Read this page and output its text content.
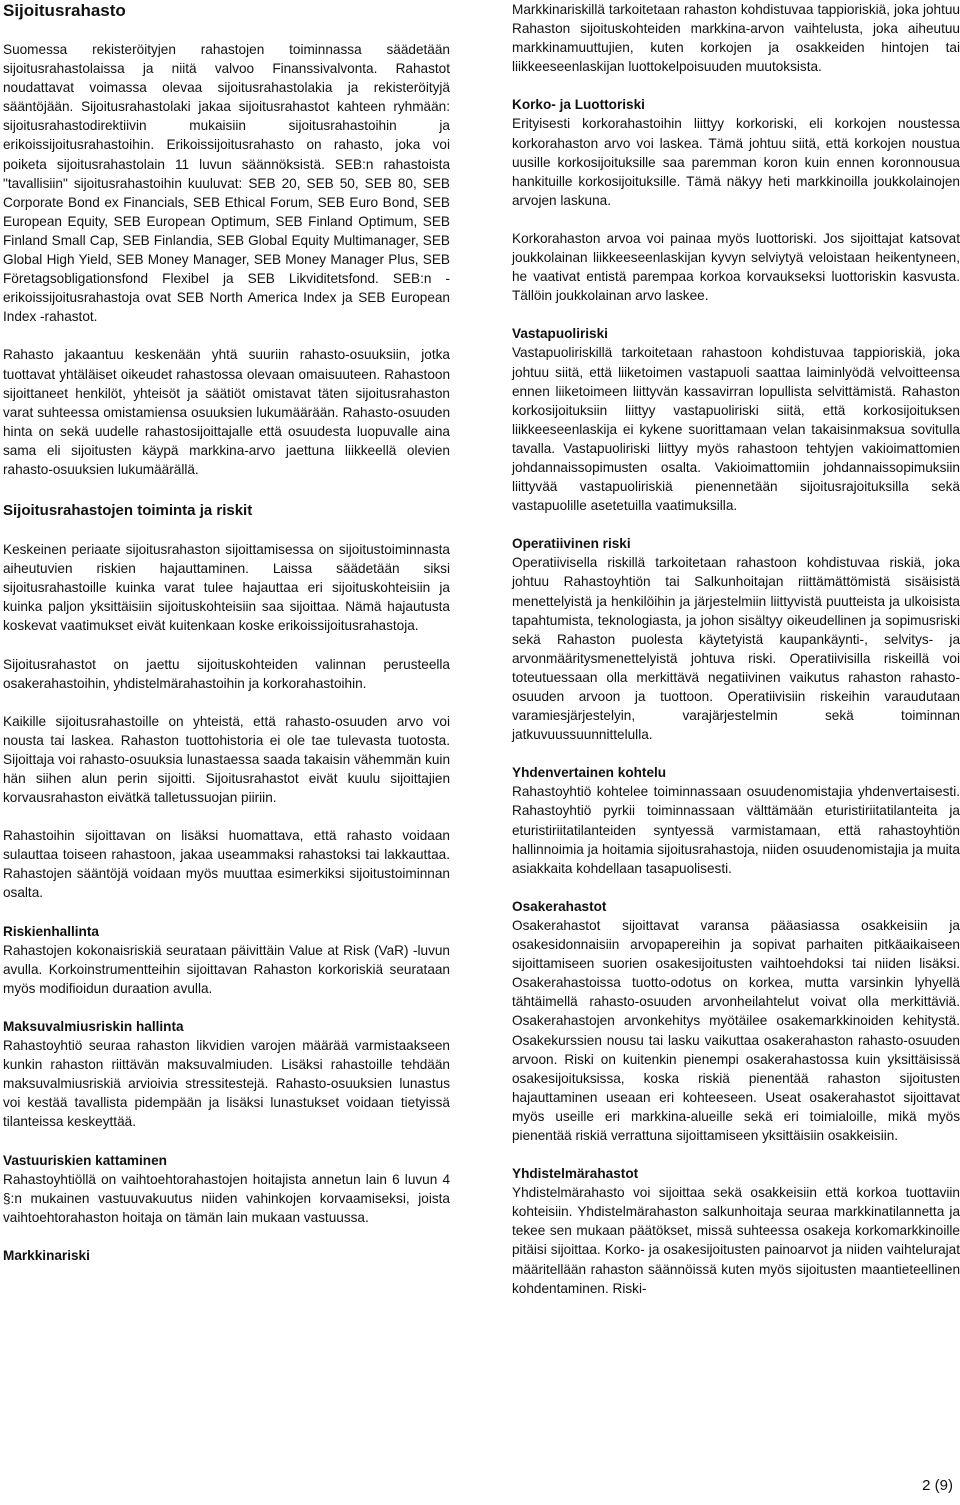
Sijoitusrahasto

Suomessa rekisteröityjen rahastojen toiminnassa säädetään sijoitusrahastolaissa ja niitä valvoo Finanssivalvonta. Rahastot noudattavat voimassa olevaa sijoitusrahastolakia ja rekisteröityjä sääntöjään. Sijoitusrahastolaki jakaa sijoitusrahastot kahteen ryhmään: sijoitusrahastodirektiivin mukaisiin sijoitusrahastoihin ja erikoissijoitusrahastoihin. Erikoissijoitusrahasto on rahasto, joka voi poiketa sijoitusrahastolain 11 luvun säännöksistä. SEB:n rahastoista "tavallisiin" sijoitusrahastoihin kuuluvat: SEB 20, SEB 50, SEB 80, SEB Corporate Bond ex Financials, SEB Ethical Forum, SEB Euro Bond, SEB European Equity, SEB European Optimum, SEB Finland Optimum, SEB Finland Small Cap, SEB Finlandia, SEB Global Equity Multimanager, SEB Global High Yield, SEB Money Manager, SEB Money Manager Plus, SEB Företagsobligationsfond Flexibel ja SEB Likviditetsfond. SEB:n -erikoissijoitusrahastoja ovat SEB North America Index ja SEB European Index -rahastot.

Rahasto jakaantuu keskenään yhtä suuriin rahasto-osuuksiin, jotka tuottavat yhtäläiset oikeudet rahastossa olevaan omaisuuteen. Rahastoon sijoittaneet henkilöt, yhteisöt ja säätiöt omistavat täten sijoitusrahaston varat suhteessa omistamiensa osuuksien lukumäärään. Rahasto-osuuden hinta on sekä uudelle rahastosijoittajalle että osuudesta luopuvalle aina sama eli sijoitusten käypä markkina-arvo jaettuna liikkeellä olevien rahasto-osuuksien lukumäärällä.

Sijoitusrahastojen toiminta ja riskit

Keskeinen periaate sijoitusrahaston sijoittamisessa on sijoitustoiminnasta aiheutuvien riskien hajauttaminen. Laissa säädetään siksi sijoitusrahastoille kuinka varat tulee hajauttaa eri sijoituskohteisiin ja kuinka paljon yksittäisiin sijoituskohteisiin saa sijoittaa. Nämä hajautusta koskevat vaatimukset eivät kuitenkaan koske erikoissijoitusrahastoja.

Sijoitusrahastot on jaettu sijoituskohteiden valinnan perusteella osakerahastoihin, yhdistelmärahastoihin ja korkorahastoihin.

Kaikille sijoitusrahastoille on yhteistä, että rahasto-osuuden arvo voi nousta tai laskea. Rahaston tuottohistoria ei ole tae tulevasta tuotosta. Sijoittaja voi rahasto-osuuksia lunastaessa saada takaisin vähemmän kuin hän siihen alun perin sijoitti. Sijoitusrahastot eivät kuulu sijoittajien korvausrahaston eivätkä talletussuojan piiriin.

Rahastoihin sijoittavan on lisäksi huomattava, että rahasto voidaan sulauttaa toiseen rahastoon, jakaa useammaksi rahastoksi tai lakkauttaa. Rahastojen sääntöjä voidaan myös muuttaa esimerkiksi sijoitustoiminnan osalta.

Riskienhallinta

Rahastojen kokonaisriskiä seurataan päivittäin Value at Risk (VaR) -luvun avulla. Korkoinstrumentteihin sijoittavan Rahaston korkoriskiä seurataan myös modifioidun duraation avulla.

Maksuvalmiusriskin hallinta

Rahastoyhtiö seuraa rahaston likvidien varojen määrää varmistaakseen kunkin rahaston riittävän maksuvalmiuden. Lisäksi rahastoille tehdään maksuvalmiusriskiä arvioivia stressitestejä. Rahasto-osuuksien lunastus voi kestää tavallista pidempään ja lisäksi lunastukset voidaan tietyissä tilanteissa keskeyttää.

Vastuuriskien kattaminen

Rahastoyhtiöllä on vaihtoehtorahastojen hoitajista annetun lain 6 luvun 4 §:n mukainen vastuuvakuutus niiden vahinkojen korvaamiseksi, joista vaihtoehtorahaston hoitaja on tämän lain mukaan vastuussa.

Markkinariski

Markkinariskillä tarkoitetaan rahaston kohdistuvaa tappioriskiä, joka johtuu Rahaston sijoituskohteiden markkina-arvon vaihtelusta, joka aiheutuu markkinamuuttujien, kuten korkojen ja osakkeiden hintojen tai liikkeeseenlaskijan luottokelpoisuuden muutoksista.

Korko- ja Luottoriski

Erityisesti korkorahastoihin liittyy korkoriski, eli korkojen noustessa korkorahaston arvo voi laskea. Tämä johtuu siitä, että korkojen noustua uusille korkosijoituksille saa paremman koron kuin ennen koronnousua hankituille korkosijoituksille. Tämä näkyy heti markkinoilla joukkolainojen arvojen laskuna.

Korkorahaston arvoa voi painaa myös luottoriski. Jos sijoittajat katsovat joukkolainan liikkeeseenlaskijan kyvyn selviytyä veloistaan heikentyneen, he vaativat entistä parempaa korkoa korvaukseksi luottoriskin kasvusta. Tällöin joukkolainan arvo laskee.

Vastapuoliriski

Vastapuoliriskillä tarkoitetaan rahastoon kohdistuvaa tappioriskiä, joka johtuu siitä, että liiketoimen vastapuoli saattaa laiminlyödä velvoitteensa ennen liiketoimeen liittyvän kassavirran lopullista selvittämistä. Rahaston korkosijoituksiin liittyy vastapuoliriski siitä, että korkosijoituksen liikkeeseenlaskija ei kykene suorittamaan velan takaisinmaksua sovitulla tavalla. Vastapuoliriski liittyy myös rahastoon tehtyjen vakioimattomien johdannaissopimusten osalta. Vakioimattomiin johdannaissopimuksiin liittyvää vastapuoliriskiä pienennetään sijoitusrajoituksilla sekä vastapuolille asetetuilla vaatimuksilla.

Operatiivinen riski

Operatiivisella riskillä tarkoitetaan rahastoon kohdistuvaa riskiä, joka johtuu Rahastoyhtiön tai Salkunhoitajan riittämättömistä sisäisistä menettelyistä ja henkilöihin ja järjestelmiin liittyvistä puutteista ja ulkoisista tapahtumista, teknologiasta, ja johon sisältyy oikeudellinen ja sopimusriski sekä Rahaston puolesta käytetyistä kaupankäynti-, selvitys- ja arvonmääritysmenettelyistä johtuva riski. Operatiivisilla riskeillä voi toteutuessaan olla merkittävä negatiivinen vaikutus rahaston rahasto-osuuden arvoon ja tuottoon. Operatiivisiin riskeihin varaudutaan varamiesjärjestelyin, varajärjestelmin sekä toiminnan jatkuvuussuunnittelulla.

Yhdenvertainen kohtelu

Rahastoyhtiö kohtelee toiminnassaan osuudenomistajia yhdenvertaisesti. Rahastoyhtiö pyrkii toiminnassaan välttämään eturistiriitatilanteita ja eturistiriitatilanteiden syntyessä varmistamaan, että rahastoyhtiön hallinnoimia ja hoitamia sijoitusrahastoja, niiden osuudenomistajia ja muita asiakkaita kohdellaan tasapuolisesti.

Osakerahastot

Osakerahastot sijoittavat varansa pääasiassa osakkeisiin ja osakesidonnaisiin arvopapereihin ja sopivat parhaiten pitkäaikaiseen sijoittamiseen suorien osakesijoitusten vaihtoehdoksi tai niiden lisäksi. Osakerahastoissa tuotto-odotus on korkea, mutta varsinkin lyhyellä tähtäimellä rahasto-osuuden arvonheilahtelut voivat olla merkittäviä. Osakerahastojen arvonkehitys myötäilee osakemarkkinoiden kehitystä. Osakekurssien nousu tai lasku vaikuttaa osakerahaston rahasto-osuuden arvoon. Riski on kuitenkin pienempi osakerahastossa kuin yksittäisissä osakesijoituksissa, koska riskiä pienentää rahaston sijoitusten hajauttaminen useaan eri kohteeseen. Useat osakerahastot sijoittavat myös useille eri markkina-alueille sekä eri toimialoille, mikä myös pienentää riskiä verrattuna sijoittamiseen yksittäisiin osakkeisiin.

Yhdistelmärahastot

Yhdistelmärahasto voi sijoittaa sekä osakkeisiin että korkoa tuottaviin kohteisiin. Yhdistelmärahaston salkunhoitaja seuraa markkinatilannetta ja tekee sen mukaan päätökset, missä suhteessa osakeja korkomarkkinoille pitäisi sijoittaa. Korko- ja osakesijoitusten painoarvot ja niiden vaihtelurajat määritellään rahaston säännöissä kuten myös sijoitusten maantieteellinen kohdentaminen. Riski-

2 (9)
